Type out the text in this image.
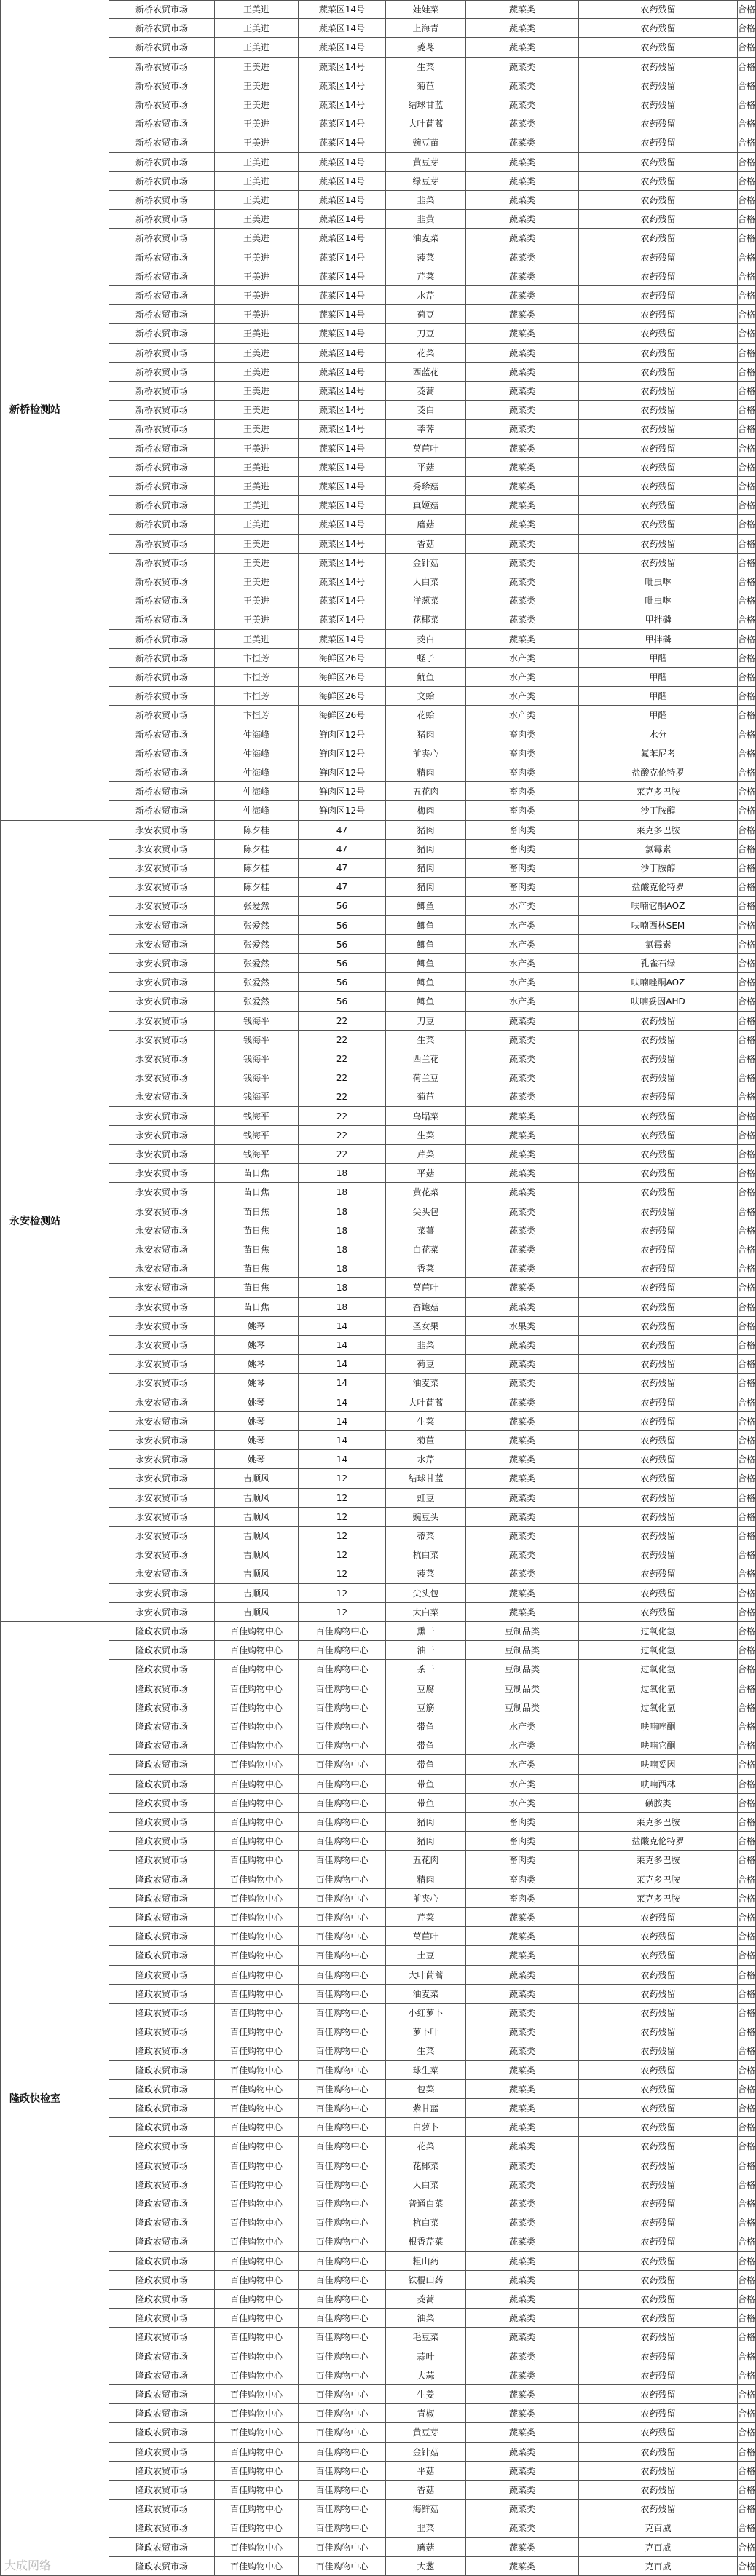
新桥检测站
新桥农贸市场	王美进	蔬菜区14号	娃娃菜	蔬菜类	农药残留	合格
新桥农贸市场	王美进	蔬菜区14号	上海青	蔬菜类	农药残留	合格
新桥农贸市场	王美进	蔬菜区14号	菱苳	蔬菜类	农药残留	合格
新桥农贸市场	王美进	蔬菜区14号	生菜	蔬菜类	农药残留	合格
新桥农贸市场	王美进	蔬菜区14号	菊苣	蔬菜类	农药残留	合格
新桥农贸市场	王美进	蔬菜区14号	结球甘蓝	蔬菜类	农药残留	合格
新桥农贸市场	王美进	蔬菜区14号	大叶茼蒿	蔬菜类	农药残留	合格
新桥农贸市场	王美进	蔬菜区14号	豌豆苗	蔬菜类	农药残留	合格
新桥农贸市场	王美进	蔬菜区14号	黄豆芽	蔬菜类	农药残留	合格
新桥农贸市场	王美进	蔬菜区14号	绿豆芽	蔬菜类	农药残留	合格
新桥农贸市场	王美进	蔬菜区14号	韭菜	蔬菜类	农药残留	合格
新桥农贸市场	王美进	蔬菜区14号	韭黄	蔬菜类	农药残留	合格
新桥农贸市场	王美进	蔬菜区14号	油麦菜	蔬菜类	农药残留	合格
新桥农贸市场	王美进	蔬菜区14号	菠菜	蔬菜类	农药残留	合格
新桥农贸市场	王美进	蔬菜区14号	芹菜	蔬菜类	农药残留	合格
新桥农贸市场	王美进	蔬菜区14号	水芹	蔬菜类	农药残留	合格
新桥农贸市场	王美进	蔬菜区14号	荷豆	蔬菜类	农药残留	合格
新桥农贸市场	王美进	蔬菜区14号	刀豆	蔬菜类	农药残留	合格
新桥农贸市场	王美进	蔬菜区14号	花菜	蔬菜类	农药残留	合格
新桥农贸市场	王美进	蔬菜区14号	西蓝花	蔬菜类	农药残留	合格
新桥农贸市场	王美进	蔬菜区14号	茭蒿	蔬菜类	农药残留	合格
新桥农贸市场	王美进	蔬菜区14号	茭白	蔬菜类	农药残留	合格
新桥农贸市场	王美进	蔬菜区14号	莘荠	蔬菜类	农药残留	合格
新桥农贸市场	王美进	蔬菜区14号	莴苣叶	蔬菜类	农药残留	合格
新桥农贸市场	王美进	蔬菜区14号	平菇	蔬菜类	农药残留	合格
新桥农贸市场	王美进	蔬菜区14号	秀珍菇	蔬菜类	农药残留	合格
新桥农贸市场	王美进	蔬菜区14号	真姬菇	蔬菜类	农药残留	合格
新桥农贸市场	王美进	蔬菜区14号	蘑菇	蔬菜类	农药残留	合格
新桥农贸市场	王美进	蔬菜区14号	香菇	蔬菜类	农药残留	合格
新桥农贸市场	王美进	蔬菜区14号	金针菇	蔬菜类	农药残留	合格
新桥农贸市场	王美进	蔬菜区14号	大白菜	蔬菜类	吡虫啉	合格
新桥农贸市场	王美进	蔬菜区14号	洋葱菜	蔬菜类	吡虫啉	合格
新桥农贸市场	王美进	蔬菜区14号	花椰菜	蔬菜类	甲拌磷	合格
新桥农贸市场	王美进	蔬菜区14号	茭白	蔬菜类	甲拌磷	合格
新桥农贸市场	卞恒芳	海鲜区26号	蛏子	水产类	甲醛	合格
新桥农贸市场	卞恒芳	海鲜区26号	鱿鱼	水产类	甲醛	合格
新桥农贸市场	卞恒芳	海鲜区26号	文蛤	水产类	甲醛	合格
新桥农贸市场	卞恒芳	海鲜区26号	花蛤	水产类	甲醛	合格
新桥农贸市场	仲海峰	鲜肉区12号	猪肉	畜肉类	水分	合格
新桥农贸市场	仲海峰	鲜肉区12号	前夹心	畜肉类	氟苯尼考	合格
新桥农贸市场	仲海峰	鲜肉区12号	精肉	畜肉类	盐酸克伦特罗	合格
新桥农贸市场	仲海峰	鲜肉区12号	五花肉	畜肉类	莱克多巴胺	合格
新桥农贸市场	仲海峰	鲜肉区12号	梅肉	畜肉类	沙丁胺醇	合格
永安检测站
永安农贸市场	陈夕桂	47	猪肉	畜肉类	莱克多巴胺	合格
永安农贸市场	陈夕桂	47	猪肉	畜肉类	氯霉素	合格
永安农贸市场	陈夕桂	47	猪肉	畜肉类	沙丁胺醇	合格
永安农贸市场	陈夕桂	47	猪肉	畜肉类	盐酸克伦特罗	合格
永安农贸市场	张爱然	56	鲫鱼	水产类	呋喃它酮AOZ	合格
永安农贸市场	张爱然	56	鲫鱼	水产类	呋喃西林SEM	合格
永安农贸市场	张爱然	56	鲫鱼	水产类	氯霉素	合格
永安农贸市场	张爱然	56	鲫鱼	水产类	孔雀石绿	合格
永安农贸市场	张爱然	56	鲫鱼	水产类	呋喃唑酮AOZ	合格
永安农贸市场	张爱然	56	鲫鱼	水产类	呋喃妥因AHD	合格
永安农贸市场	钱海平	22	刀豆	蔬菜类	农药残留	合格
永安农贸市场	钱海平	22	生菜	蔬菜类	农药残留	合格
永安农贸市场	钱海平	22	西兰花	蔬菜类	农药残留	合格
永安农贸市场	钱海平	22	荷兰豆	蔬菜类	农药残留	合格
永安农贸市场	钱海平	22	菊苣	蔬菜类	农药残留	合格
永安农贸市场	钱海平	22	乌塌菜	蔬菜类	农药残留	合格
永安农贸市场	钱海平	22	生菜	蔬菜类	农药残留	合格
永安农贸市场	钱海平	22	芹菜	蔬菜类	农药残留	合格
永安农贸市场	苗日焦	18	平菇	蔬菜类	农药残留	合格
永安农贸市场	苗日焦	18	黄花菜	蔬菜类	农药残留	合格
永安农贸市场	苗日焦	18	尖头包	蔬菜类	农药残留	合格
永安农贸市场	苗日焦	18	菜薹	蔬菜类	农药残留	合格
永安农贸市场	苗日焦	18	白花菜	蔬菜类	农药残留	合格
永安农贸市场	苗日焦	18	香菜	蔬菜类	农药残留	合格
永安农贸市场	苗日焦	18	莴苣叶	蔬菜类	农药残留	合格
永安农贸市场	苗日焦	18	杏鲍菇	蔬菜类	农药残留	合格
永安农贸市场	姚琴	14	圣女果	水果类	农药残留	合格
永安农贸市场	姚琴	14	韭菜	蔬菜类	农药残留	合格
永安农贸市场	姚琴	14	荷豆	蔬菜类	农药残留	合格
永安农贸市场	姚琴	14	油麦菜	蔬菜类	农药残留	合格
永安农贸市场	姚琴	14	大叶茼蒿	蔬菜类	农药残留	合格
永安农贸市场	姚琴	14	生菜	蔬菜类	农药残留	合格
永安农贸市场	姚琴	14	菊苣	蔬菜类	农药残留	合格
永安农贸市场	姚琴	14	水芹	蔬菜类	农药残留	合格
永安农贸市场	吉顺风	12	结球甘蓝	蔬菜类	农药残留	合格
永安农贸市场	吉顺风	12	豇豆	蔬菜类	农药残留	合格
永安农贸市场	吉顺风	12	豌豆头	蔬菜类	农药残留	合格
永安农贸市场	吉顺风	12	蒂菜	蔬菜类	农药残留	合格
永安农贸市场	吉顺风	12	杭白菜	蔬菜类	农药残留	合格
永安农贸市场	吉顺风	12	菠菜	蔬菜类	农药残留	合格
永安农贸市场	吉顺风	12	尖头包	蔬菜类	农药残留	合格
永安农贸市场	吉顺风	12	大白菜	蔬菜类	农药残留	合格
隆政快检室
隆政农贸市场	百佳购物中心	百佳购物中心	熏干	豆制品类	过氧化氢	合格
隆政农贸市场	百佳购物中心	百佳购物中心	油干	豆制品类	过氧化氢	合格
隆政农贸市场	百佳购物中心	百佳购物中心	茶干	豆制品类	过氧化氢	合格
隆政农贸市场	百佳购物中心	百佳购物中心	豆腐	豆制品类	过氧化氢	合格
隆政农贸市场	百佳购物中心	百佳购物中心	豆筋	豆制品类	过氧化氢	合格
隆政农贸市场	百佳购物中心	百佳购物中心	带鱼	水产类	呋喃唑酮	合格
隆政农贸市场	百佳购物中心	百佳购物中心	带鱼	水产类	呋喃它酮	合格
隆政农贸市场	百佳购物中心	百佳购物中心	带鱼	水产类	呋喃妥因	合格
隆政农贸市场	百佳购物中心	百佳购物中心	带鱼	水产类	呋喃西林	合格
隆政农贸市场	百佳购物中心	百佳购物中心	带鱼	水产类	磺胺类	合格
隆政农贸市场	百佳购物中心	百佳购物中心	猪肉	畜肉类	莱克多巴胺	合格
隆政农贸市场	百佳购物中心	百佳购物中心	猪肉	畜肉类	盐酸克伦特罗	合格
隆政农贸市场	百佳购物中心	百佳购物中心	五花肉	畜肉类	莱克多巴胺	合格
隆政农贸市场	百佳购物中心	百佳购物中心	精肉	畜肉类	莱克多巴胺	合格
隆政农贸市场	百佳购物中心	百佳购物中心	前夹心	畜肉类	莱克多巴胺	合格
隆政农贸市场	百佳购物中心	百佳购物中心	芹菜	蔬菜类	农药残留	合格
隆政农贸市场	百佳购物中心	百佳购物中心	莴苣叶	蔬菜类	农药残留	合格
隆政农贸市场	百佳购物中心	百佳购物中心	土豆	蔬菜类	农药残留	合格
隆政农贸市场	百佳购物中心	百佳购物中心	大叶茼蒿	蔬菜类	农药残留	合格
隆政农贸市场	百佳购物中心	百佳购物中心	油麦菜	蔬菜类	农药残留	合格
隆政农贸市场	百佳购物中心	百佳购物中心	小红萝卜	蔬菜类	农药残留	合格
隆政农贸市场	百佳购物中心	百佳购物中心	萝卜叶	蔬菜类	农药残留	合格
隆政农贸市场	百佳购物中心	百佳购物中心	生菜	蔬菜类	农药残留	合格
隆政农贸市场	百佳购物中心	百佳购物中心	球生菜	蔬菜类	农药残留	合格
隆政农贸市场	百佳购物中心	百佳购物中心	包菜	蔬菜类	农药残留	合格
隆政农贸市场	百佳购物中心	百佳购物中心	紫甘蓝	蔬菜类	农药残留	合格
隆政农贸市场	百佳购物中心	百佳购物中心	白萝卜	蔬菜类	农药残留	合格
隆政农贸市场	百佳购物中心	百佳购物中心	花菜	蔬菜类	农药残留	合格
隆政农贸市场	百佳购物中心	百佳购物中心	花椰菜	蔬菜类	农药残留	合格
隆政农贸市场	百佳购物中心	百佳购物中心	大白菜	蔬菜类	农药残留	合格
隆政农贸市场	百佳购物中心	百佳购物中心	普通白菜	蔬菜类	农药残留	合格
隆政农贸市场	百佳购物中心	百佳购物中心	杭白菜	蔬菜类	农药残留	合格
隆政农贸市场	百佳购物中心	百佳购物中心	根香芹菜	蔬菜类	农药残留	合格
隆政农贸市场	百佳购物中心	百佳购物中心	粗山药	蔬菜类	农药残留	合格
隆政农贸市场	百佳购物中心	百佳购物中心	铁棍山药	蔬菜类	农药残留	合格
隆政农贸市场	百佳购物中心	百佳购物中心	茭蒿	蔬菜类	农药残留	合格
隆政农贸市场	百佳购物中心	百佳购物中心	油菜	蔬菜类	农药残留	合格
隆政农贸市场	百佳购物中心	百佳购物中心	毛豆菜	蔬菜类	农药残留	合格
隆政农贸市场	百佳购物中心	百佳购物中心	蒜叶	蔬菜类	农药残留	合格
隆政农贸市场	百佳购物中心	百佳购物中心	大蒜	蔬菜类	农药残留	合格
隆政农贸市场	百佳购物中心	百佳购物中心	生姜	蔬菜类	农药残留	合格
隆政农贸市场	百佳购物中心	百佳购物中心	青椒	蔬菜类	农药残留	合格
隆政农贸市场	百佳购物中心	百佳购物中心	黄豆芽	蔬菜类	农药残留	合格
隆政农贸市场	百佳购物中心	百佳购物中心	金针菇	蔬菜类	农药残留	合格
隆政农贸市场	百佳购物中心	百佳购物中心	平菇	蔬菜类	农药残留	合格
隆政农贸市场	百佳购物中心	百佳购物中心	香菇	蔬菜类	农药残留	合格
隆政农贸市场	百佳购物中心	百佳购物中心	海鲜菇	蔬菜类	农药残留	合格
隆政农贸市场	百佳购物中心	百佳购物中心	韭菜	蔬菜类	克百威	合格
隆政农贸市场	百佳购物中心	百佳购物中心	蘑菇	蔬菜类	克百威	合格
隆政农贸市场	百佳购物中心	百佳购物中心	大葱	蔬菜类	克百威	合格
大成网络
